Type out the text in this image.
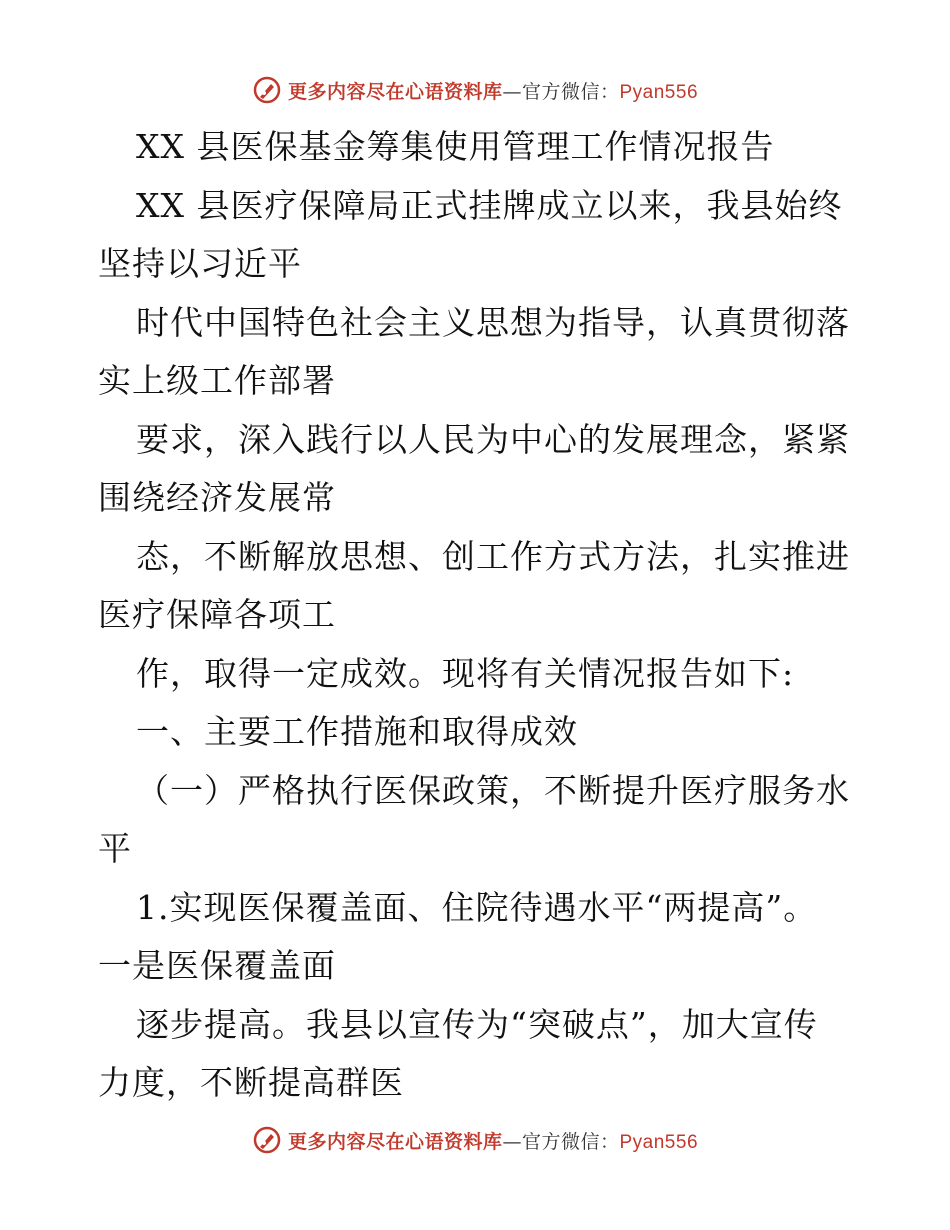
更多内容尽在心语资料库—官方微信：Pyan556
XX 县医保基金筹集使用管理工作情况报告
XX 县医疗保障局正式挂牌成立以来，我县始终
坚持以习近平
时代中国特色社会主义思想为指导，认真贯彻落
实上级工作部署
要求，深入践行以人民为中心的发展理念，紧紧
围绕经济发展常
态，不断解放思想、创工作方式方法，扎实推进
医疗保障各项工
作，取得一定成效。现将有关情况报告如下:
一、主要工作措施和取得成效
（一）严格执行医保政策，不断提升医疗服务水
平
1.实现医保覆盖面、住院待遇水平“两提高”。
一是医保覆盖面
逐步提高。我县以宣传为“突破点”，加大宣传
力度，不断提高群医
更多内容尽在心语资料库—官方微信：Pyan556
